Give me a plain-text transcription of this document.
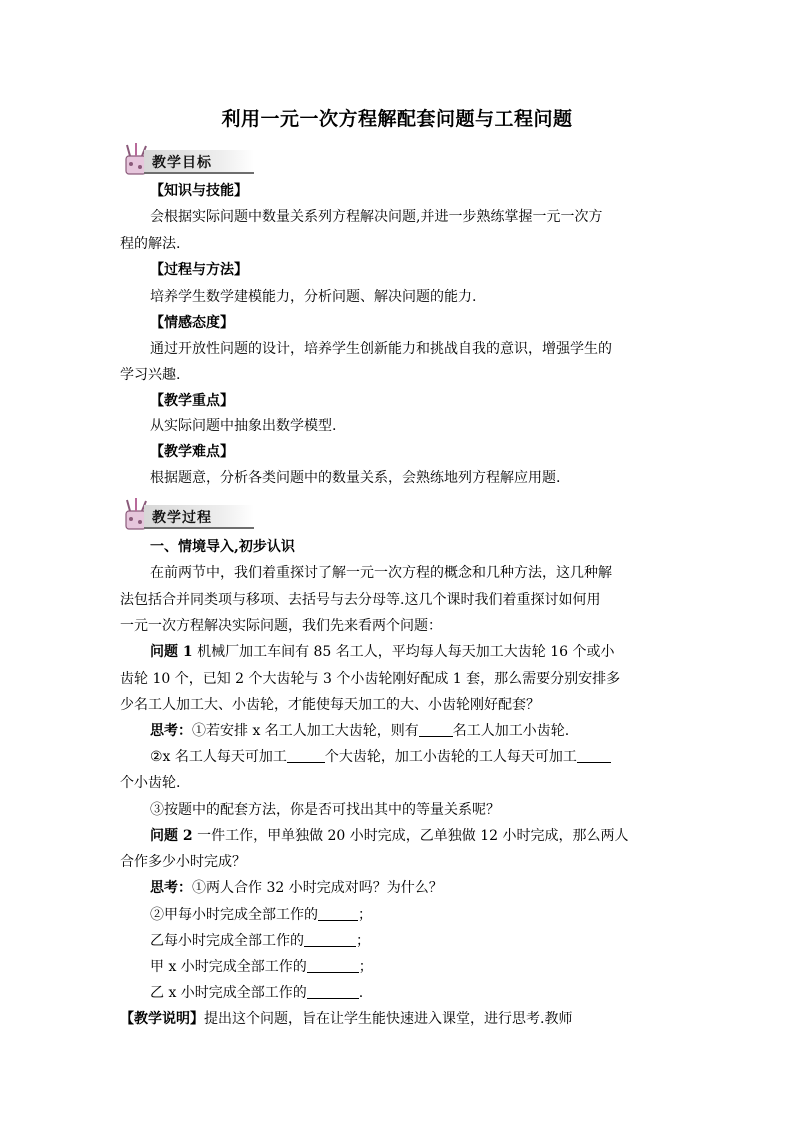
利用一元一次方程解配套问题与工程问题
教学目标
【知识与技能】
会根据实际问题中数量关系列方程解决问题,并进一步熟练掌握一元一次方
程的解法.
【过程与方法】
培养学生数学建模能力，分析问题、解决问题的能力.
【情感态度】
通过开放性问题的设计，培养学生创新能力和挑战自我的意识，增强学生的
学习兴趣.
【教学重点】
从实际问题中抽象出数学模型.
【教学难点】
根据题意，分析各类问题中的数量关系，会熟练地列方程解应用题.
教学过程
一、情境导入,初步认识
在前两节中，我们着重探讨了解一元一次方程的概念和几种方法，这几种解
法包括合并同类项与移项、去括号与去分母等.这几个课时我们着重探讨如何用
一元一次方程解决实际问题，我们先来看两个问题：
问题 1 机械厂加工车间有 85 名工人，平均每人每天加工大齿轮 16 个或小
齿轮 10 个，已知 2 个大齿轮与 3 个小齿轮刚好配成 1 套，那么需要分别安排多
少名工人加工大、小齿轮，才能使每天加工的大、小齿轮刚好配套？
思考：①若安排 x 名工人加工大齿轮，则有 名工人加工小齿轮.
②x 名工人每天可加工	个大齿轮，加工小齿轮的工人每天可加工
个小齿轮.
③按题中的配套方法，你是否可找出其中的等量关系呢？
问题 2 一件工作，甲单独做 20 小时完成，乙单独做 12 小时完成，那么两人
合作多少小时完成？
思考：①两人合作 32 小时完成对吗？为什么？
②甲每小时完成全部工作的	；
乙每小时完成全部工作的	；
甲 x 小时完成全部工作的	；
乙 x 小时完成全部工作的	.
【教学说明】提出这个问题，旨在让学生能快速进入课堂，进行思考.教师
